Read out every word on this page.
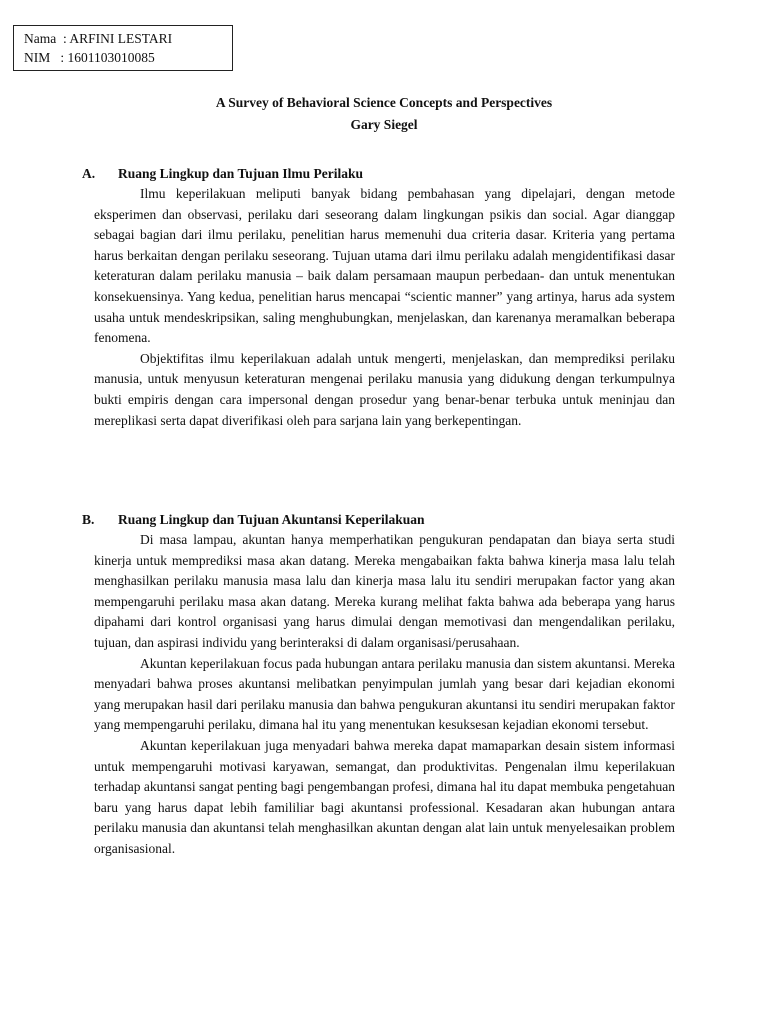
Nama  : ARFINI LESTARI
NIM   : 1601103010085
A Survey of Behavioral Science Concepts and Perspectives
Gary Siegel
A. Ruang Lingkup dan Tujuan Ilmu Perilaku

Ilmu keperilakuan meliputi banyak bidang pembahasan yang dipelajari, dengan metode eksperimen dan observasi, perilaku dari seseorang dalam lingkungan psikis dan social. Agar dianggap sebagai bagian dari ilmu perilaku, penelitian harus memenuhi dua criteria dasar. Kriteria yang pertama harus berkaitan dengan perilaku seseorang. Tujuan utama dari ilmu perilaku adalah mengidentifikasi dasar keteraturan dalam perilaku manusia – baik dalam persamaan maupun perbedaan- dan untuk menentukan konsekuensinya. Yang kedua, penelitian harus mencapai “scientic manner” yang artinya, harus ada system usaha untuk mendeskripsikan, saling menghubungkan, menjelaskan, dan karenanya meramalkan beberapa fenomena.

Objektifitas ilmu keperilakuan adalah untuk mengerti, menjelaskan, dan memprediksi perilaku manusia, untuk menyusun keteraturan mengenai perilaku manusia yang didukung dengan terkumpulnya bukti empiris dengan cara impersonal dengan prosedur yang benar-benar terbuka untuk meninjau dan mereplikasi serta dapat diverifikasi oleh para sarjana lain yang berkepentingan.

B. Ruang Lingkup dan Tujuan Akuntansi Keperilakuan

Di masa lampau, akuntan hanya memperhatikan pengukuran pendapatan dan biaya serta studi kinerja untuk memprediksi masa akan datang. Mereka mengabaikan fakta bahwa kinerja masa lalu telah menghasilkan perilaku manusia masa lalu dan kinerja masa lalu itu sendiri merupakan factor yang akan mempengaruhi perilaku masa akan datang. Mereka kurang melihat fakta bahwa ada beberapa yang harus dipahami dari kontrol organisasi yang harus dimulai dengan memotivasi dan mengendalikan perilaku, tujuan, dan aspirasi individu yang berinteraksi di dalam organisasi/perusahaan.

Akuntan keperilakuan focus pada hubungan antara perilaku manusia dan sistem akuntansi. Mereka menyadari bahwa proses akuntansi melibatkan penyimpulan jumlah yang besar dari kejadian ekonomi yang merupakan hasil dari perilaku manusia dan bahwa pengukuran akuntansi itu sendiri merupakan faktor yang mempengaruhi perilaku, dimana hal itu yang menentukan kesuksesan kejadian ekonomi tersebut.

Akuntan keperilakuan juga menyadari bahwa mereka dapat mamaparkan desain sistem informasi untuk mempengaruhi motivasi karyawan, semangat, dan produktivitas. Pengenalan ilmu keperilakuan terhadap akuntansi sangat penting bagi pengembangan profesi, dimana hal itu dapat membuka pengetahuan baru yang harus dapat lebih famililiar bagi akuntansi professional. Kesadaran akan hubungan antara perilaku manusia dan akuntansi telah menghasilkan akuntan dengan alat lain untuk menyelesaikan problem organisasional.
